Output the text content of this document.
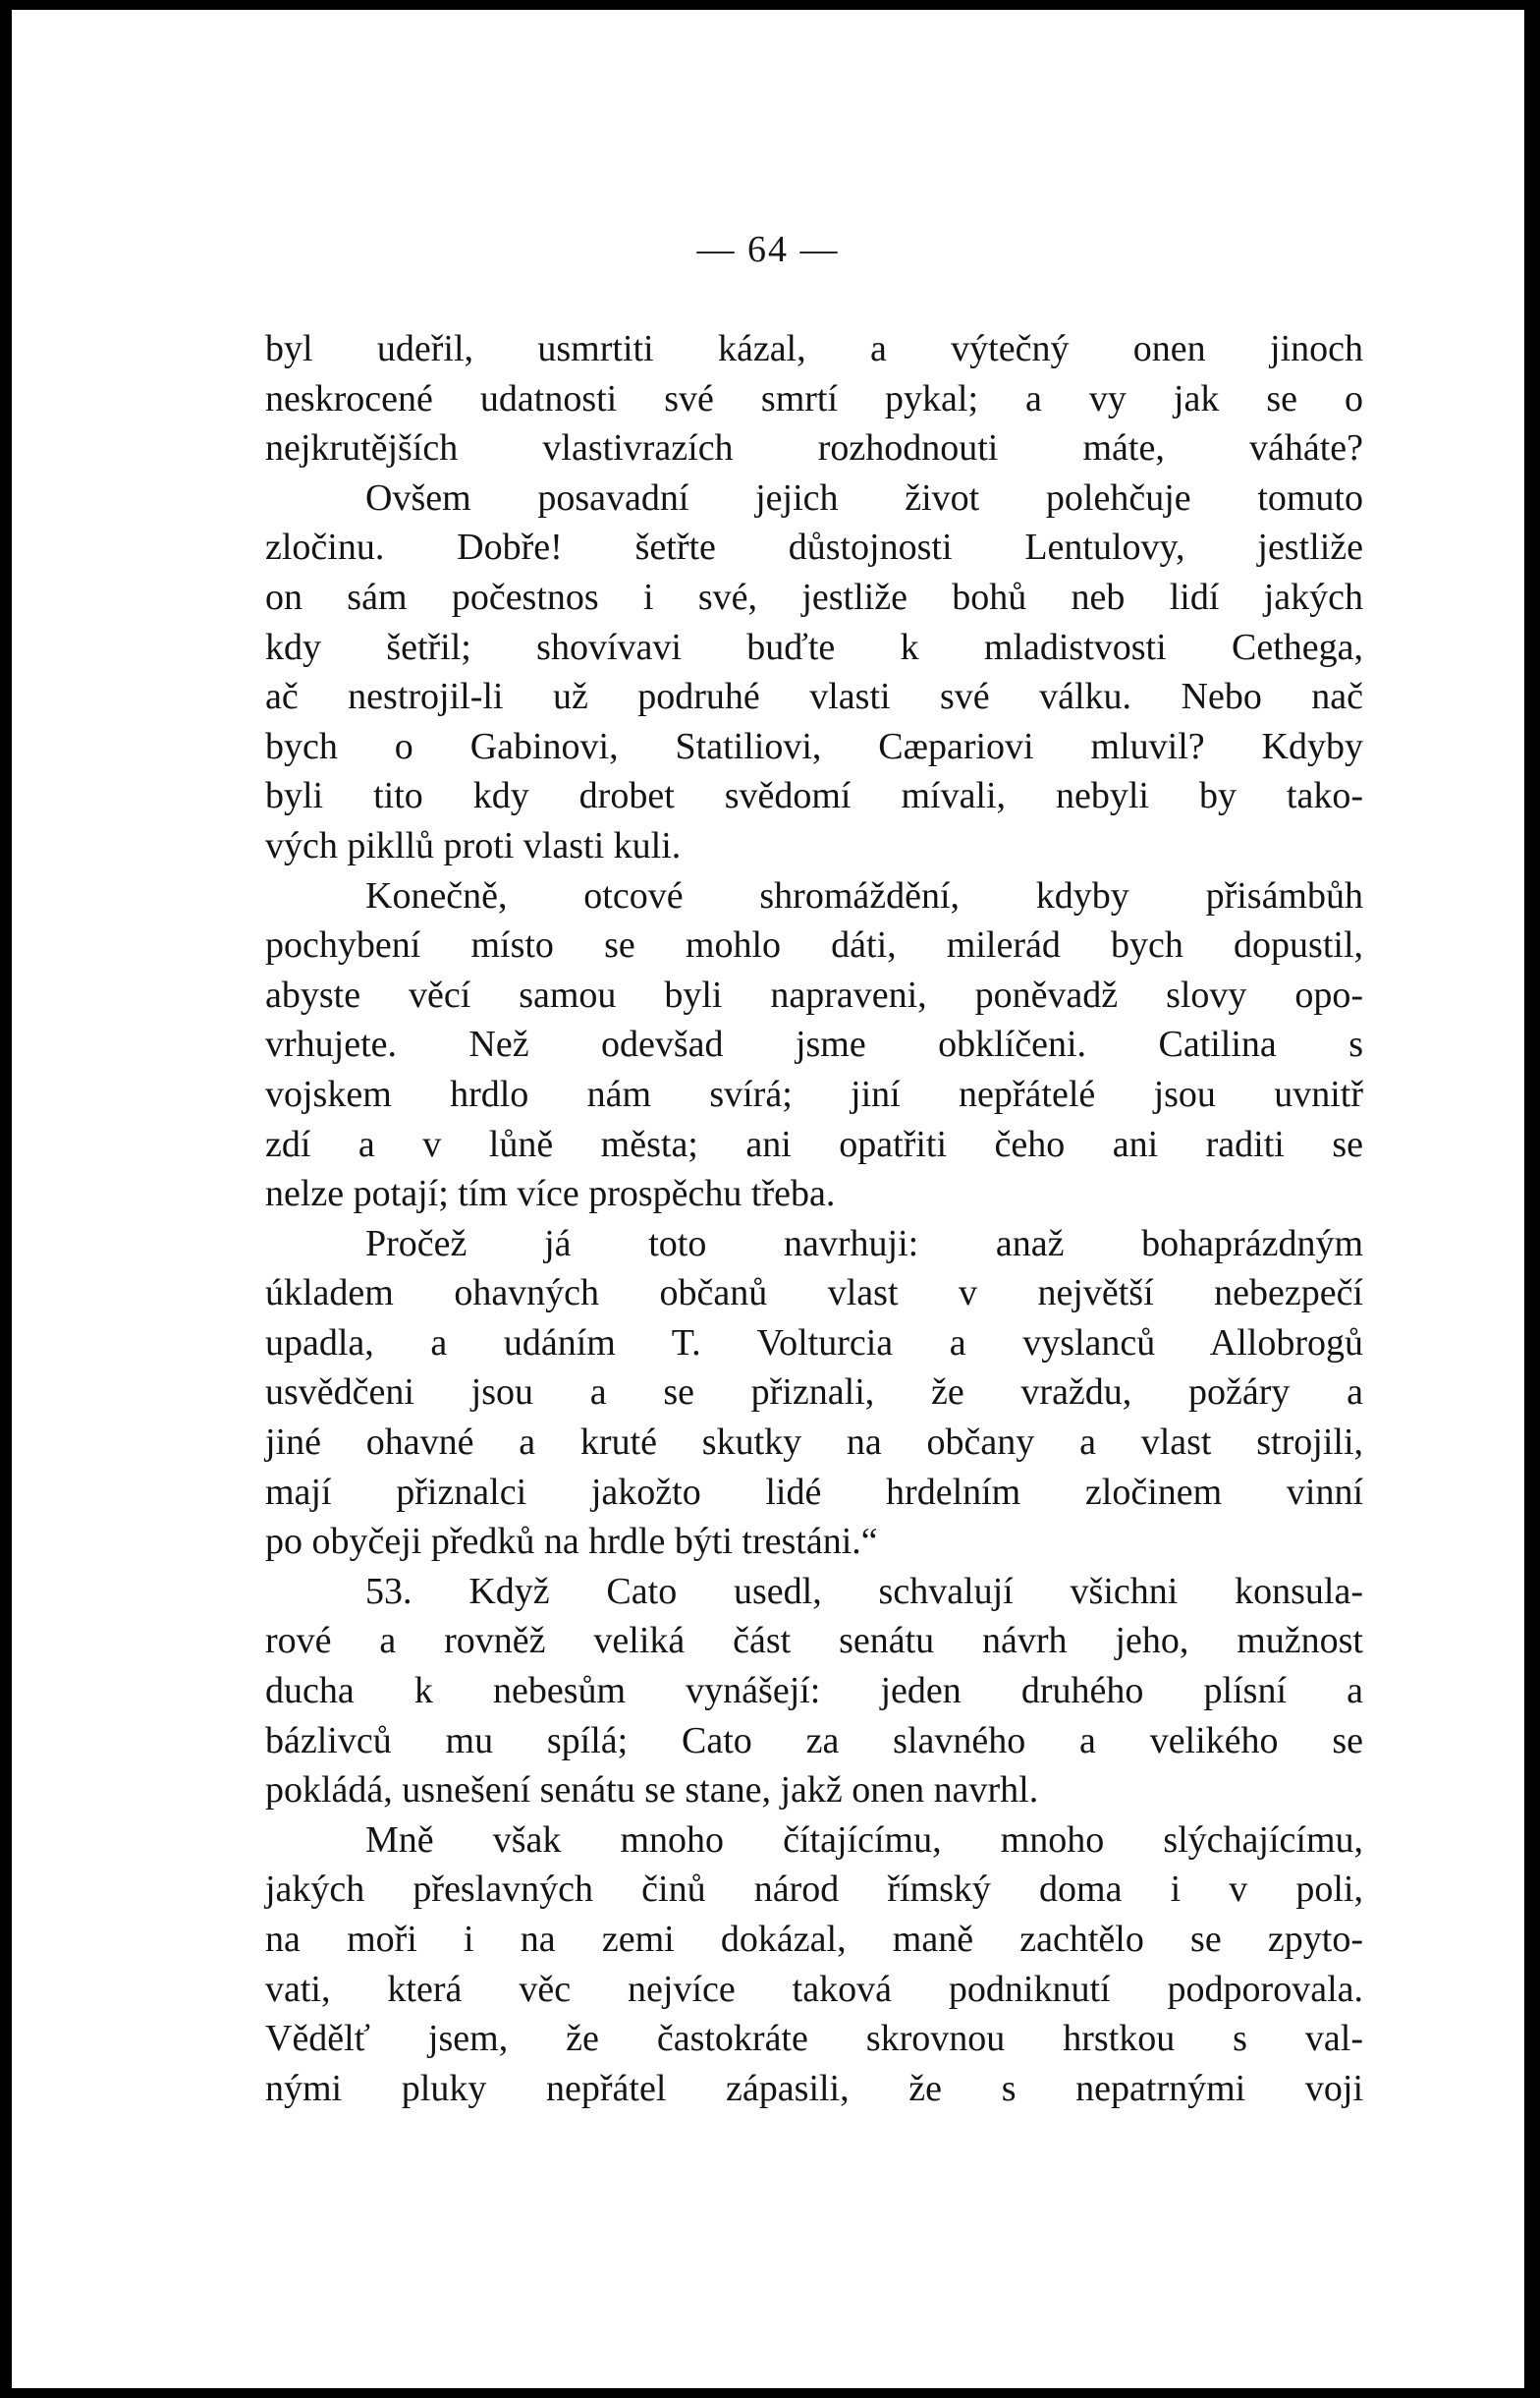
— 64 —
byl udeřil, usmrtiti kázal, a výtečný onen jinoch
neskrocené udatnosti své smrtí pykal; a vy jak se o
nejkrutějších vlastivrazích rozhodnouti máte, váháte?
Ovšem posavadní jejich život polehčuje tomuto
zločinu. Dobře! šetřte důstojnosti Lentulovy, jestliže
on sám počestnos i své, jestliže bohů neb lidí jakých
kdy šetřil; shovívavi buďte k mladistvosti Cethega,
ač nestrojil-li už podruhé vlasti své válku. Nebo nač
bych o Gabinovi, Statiliovi, Cæpariovi mluvil? Kdyby
byli tito kdy drobet svědomí mívali, nebyli by tako-
vých pikllů proti vlasti kuli.
Konečně, otcové shromáždění, kdyby přisámbůh
pochybení místo se mohlo dáti, milerád bych dopustil,
abyste věcí samou byli napraveni, poněvadž slovy opo-
vrhujete. Než odevšad jsme obklíčeni. Catilina s
vojskem hrdlo nám svírá; jiní nepřátelé jsou uvnitř
zdí a v lůně města; ani opatřiti čeho ani raditi se
nelze potají; tím více prospěchu třeba.
Pročež já toto navrhuji: anaž bohaprázdným
úkladem ohavných občanů vlast v největší nebezpečí
upadla, a udáním T. Volturcia a vyslanců Allobrogů
usvědčeni jsou a se přiznali, že vraždu, požáry a
jiné ohavné a kruté skutky na občany a vlast strojili,
mají přiznalci jakožto lidé hrdelním zločinem vinní
po obyčeji předků na hrdle býti trestáni.“
53. Když Cato usedl, schvalují všichni konsula-
rové a rovněž veliká část senátu návrh jeho, mužnost
ducha k nebesům vynášejí: jeden druhého plísní a
bázlivců mu spílá; Cato za slavného a velikého se
pokládá, usnešení senátu se stane, jakž onen navrhl.
Mně však mnoho čítajícímu, mnoho slýchajícímu,
jakých přeslavných činů národ římský doma i v poli,
na moři i na zemi dokázal, maně zachtělo se zpyto-
vati, která věc nejvíce taková podniknutí podporovala.
Vědělť jsem, že častokráte skrovnou hrstkou s val-
nými pluky nepřátel zápasili, že s nepatrnými voji
